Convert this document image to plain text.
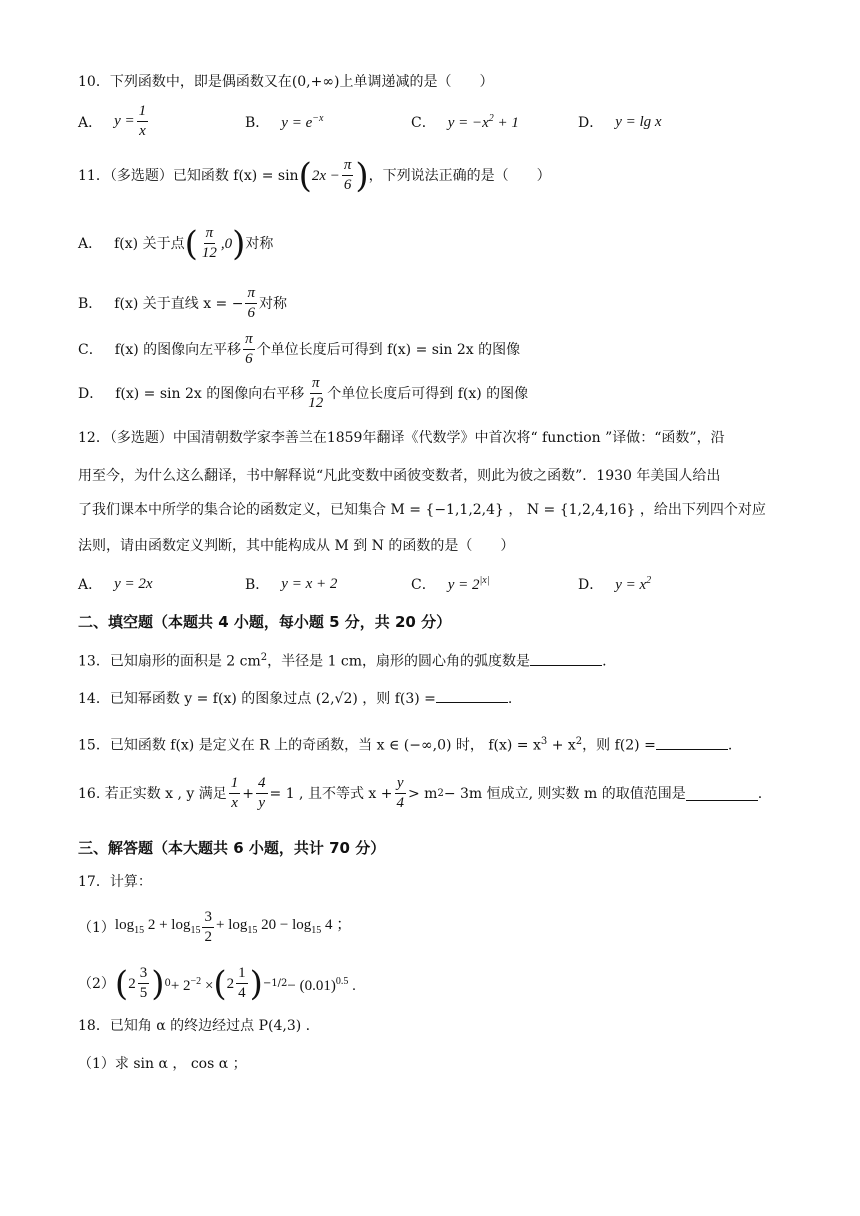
10．下列函数中，即是偶函数又在(0,+∞)上单调递减的是（　　）
A． $y = \frac{1}{x}$	B． $y = e^{-x}$	C． $y = -x^2 + 1$	D． y = lg x
11．（多选题）已知函数 f(x) = sin ( $2x - \frac{\pi}{6}$ ) ，下列说法正确的是（　　）
A． f(x) 关于点 ( $\frac{\pi}{12} ,0$ ) 对称
B． f(x) 关于直线 x = − $\frac{\pi}{6}$ 对称
C． f(x) 的图像向左平移 $\frac{\pi}{6}$ 个单位长度后可得到 f(x) = sin 2x 的图像
D． f(x) = sin 2x 的图像向右平移 $\frac{\pi}{12}$ 个单位长度后可得到 f(x) 的图像
12．（多选题）中国清朝数学家李善兰在1859年翻译《代数学》中首次将“ function ”译做：“函数”，沿
用至今，为什么这么翻译，书中解释说“凡此变数中函彼变数者，则此为彼之函数”．1930 年美国人给出
了我们课本中所学的集合论的函数定义，已知集合 M = {−1,1,2,4} ， N = {1,2,4,16} ，给出下列四个对应
法则，请由函数定义判断，其中能构成从 M 到 N 的函数的是（　　）
A． y = 2x	B． y = x + 2	C． $y = 2^{|x|}$	D． $y = x^2$
二、填空题（本题共 4 小题，每小题 5 分，共 20 分）
13．已知扇形的面积是 2 $cm^2$，半径是 1 cm，扇形的圆心角的弧度数是	.
14．已知幂函数 y = f(x) 的图象过点 (2,√2) ，则 f(3) =	.
15．已知函数 f(x) 是定义在 R 上的奇函数，当 x ∈ (−∞,0) 时， $f(x) = x^3 + x^2$，则 f(2) =	.
16. 若正实数 x , y 满足 $\frac{1}{x} + \frac{4}{y} = 1$ , 且不等式 $x + \frac{y}{4} > m$ 2 − 3m 恒成立, 则实数 m 的取值范围是	.
三、解答题（本大题共 6 小题，共计 70 分）
17．计算：
（1） $\log_{15} 2 + \log_{15} \frac{3}{2} + \log_{15} 20 - \log_{15} 4$ ；
（2） ( $2 \frac{3}{5}$ ) $0 + 2^{-2}$ × ( $2 \frac{1}{4}$ ) $-1/2 - (0.01)^{0.5}$ .
18．已知角 α 的终边经过点 P(4,3) .
（1）求 sin α ， cos α ；
